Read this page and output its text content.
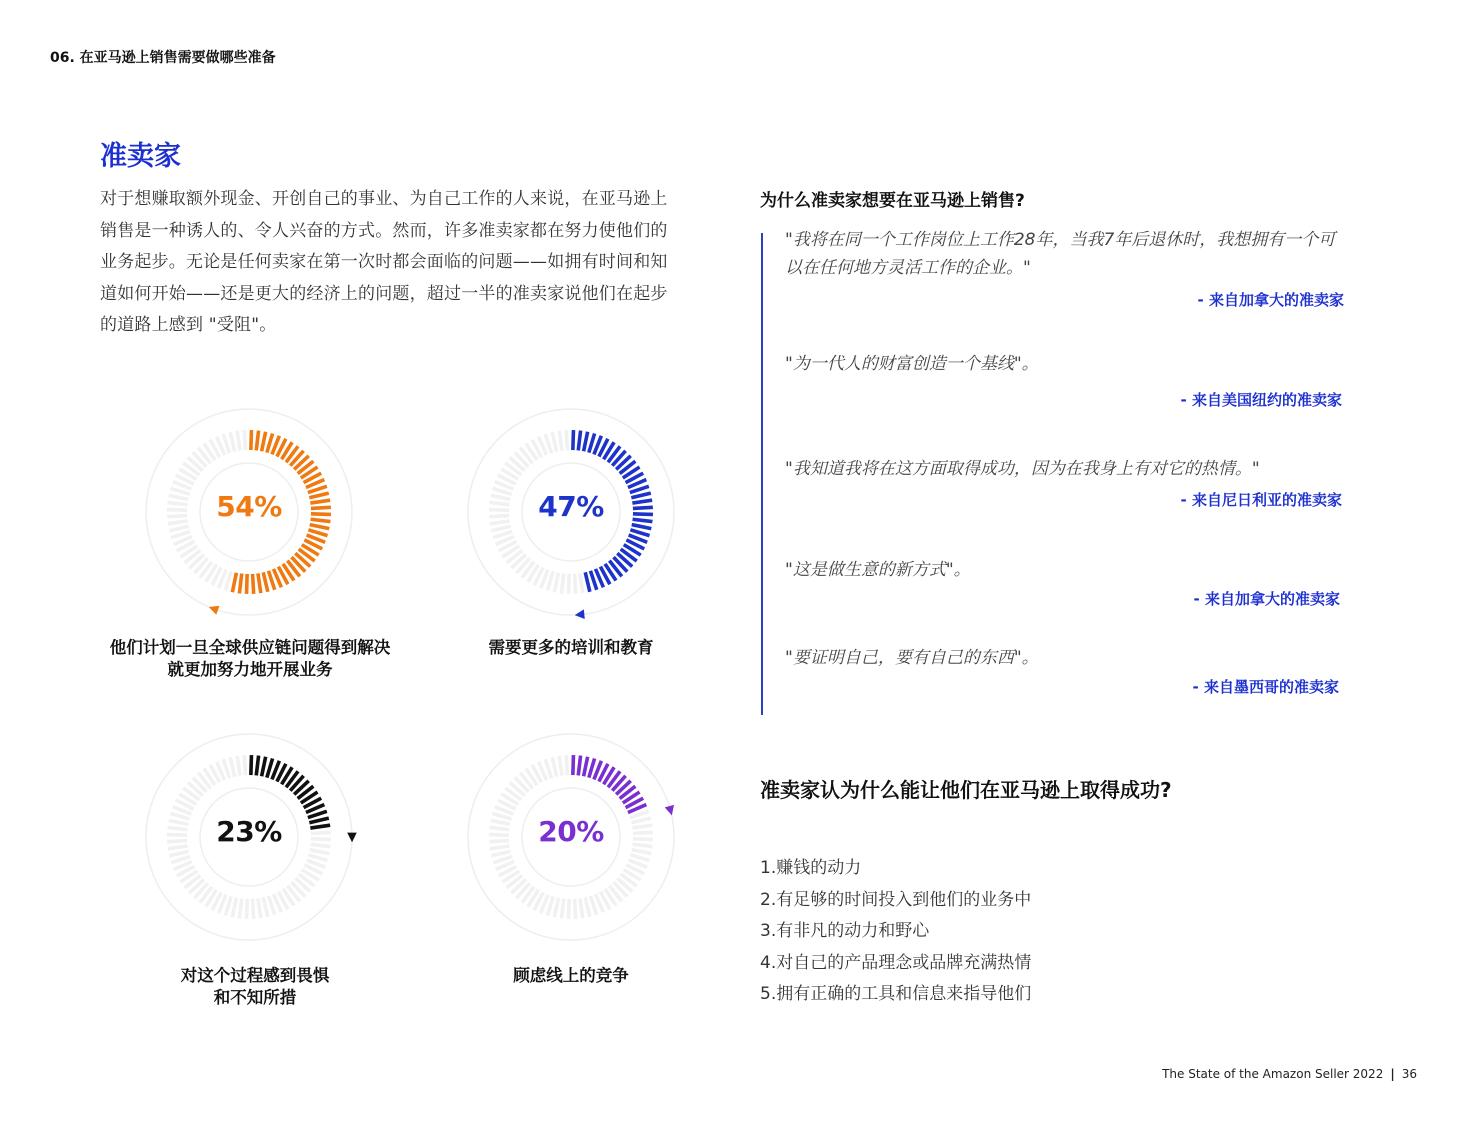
06. 在亚马逊上销售需要做哪些准备
准卖家
对于想赚取额外现金、开创自己的事业、为自己工作的人来说，在亚马逊上销售是一种诱人的、令人兴奋的方式。然而，许多准卖家都在努力使他们的业务起步。无论是任何卖家在第一次时都会面临的问题——如拥有时间和知道如何开始——还是更大的经济上的问题，超过一半的准卖家说他们在起步的道路上感到 "受阻"。
54%
他们计划一旦全球供应链问题得到解决
就更加努力地开展业务
47%
需要更多的培训和教育
23%
对这个过程感到畏惧
和不知所措
20%
顾虑线上的竞争
为什么准卖家想要在亚马逊上销售?
"我将在同一个工作岗位上工作28年，当我7年后退休时，我想拥有一个可以在任何地方灵活工作的企业。"
- 来自加拿大的准卖家
"为一代人的财富创造一个基线"。
- 来自美国纽约的准卖家
"我知道我将在这方面取得成功，因为在我身上有对它的热情。"
- 来自尼日利亚的准卖家
"这是做生意的新方式"。
- 来自加拿大的准卖家
"要证明自己，要有自己的东西"。
- 来自墨西哥的准卖家
准卖家认为什么能让他们在亚马逊上取得成功?
1.赚钱的动力
2.有足够的时间投入到他们的业务中
3.有非凡的动力和野心
4.对自己的产品理念或品牌充满热情
5.拥有正确的工具和信息来指导他们
The State of the Amazon Seller 2022 | 36
